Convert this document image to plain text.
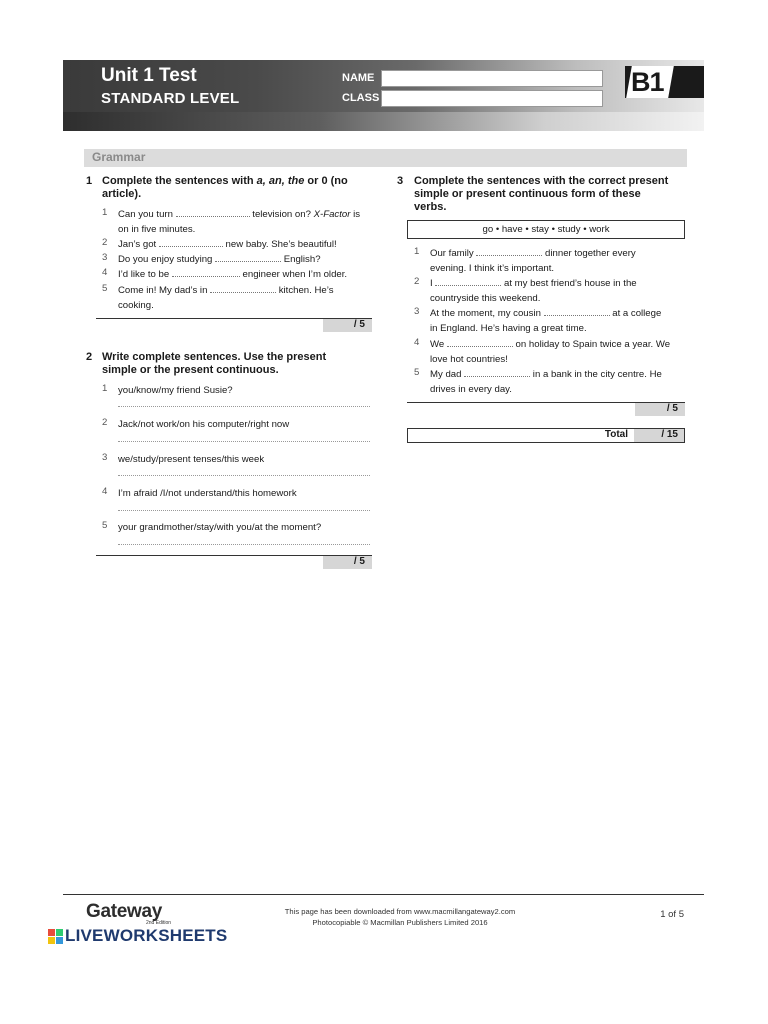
Unit 1 Test
STANDARD LEVEL
NAME
CLASS
B1
Grammar
1 Complete the sentences with a, an, the or 0 (no
article).
1 Can you turn	television on? X-Factor is
on in five minutes.
2 Jan’s got	new baby. She’s beautiful!
3 Do you enjoy studying	English?
4 I’d like to be	engineer when I’m older.
5 Come in! My dad’s in	kitchen. He’s
cooking.
/ 5
2 Write complete sentences. Use the present
simple or the present continuous.
1 you/know/my friend Susie?
2 Jack/not work/on his computer/right now
3 we/study/present tenses/this week
4 I’m afraid /I/not understand/this homework
5 your grandmother/stay/with you/at the moment?
/ 5
3 Complete the sentences with the correct present
simple or present continuous form of these
verbs.
go • have • stay • study • work
1 Our family	dinner together every
evening. I think it’s important.
2 I	at my best friend’s house in the
countryside this weekend.
3 At the moment, my cousin	at a college
in England. He’s having a great time.
4 We	on holiday to Spain twice a year. We
love hot countries!
5 My dad	in a bank in the city centre. He
drives in every day.
/ 5
Total	/ 15
Gateway
2nd Edition
LIVEWORKSHEETS
This page has been downloaded from www.macmillangateway2.com
Photocopiable © Macmillan Publishers Limited 2016
1 of 5
